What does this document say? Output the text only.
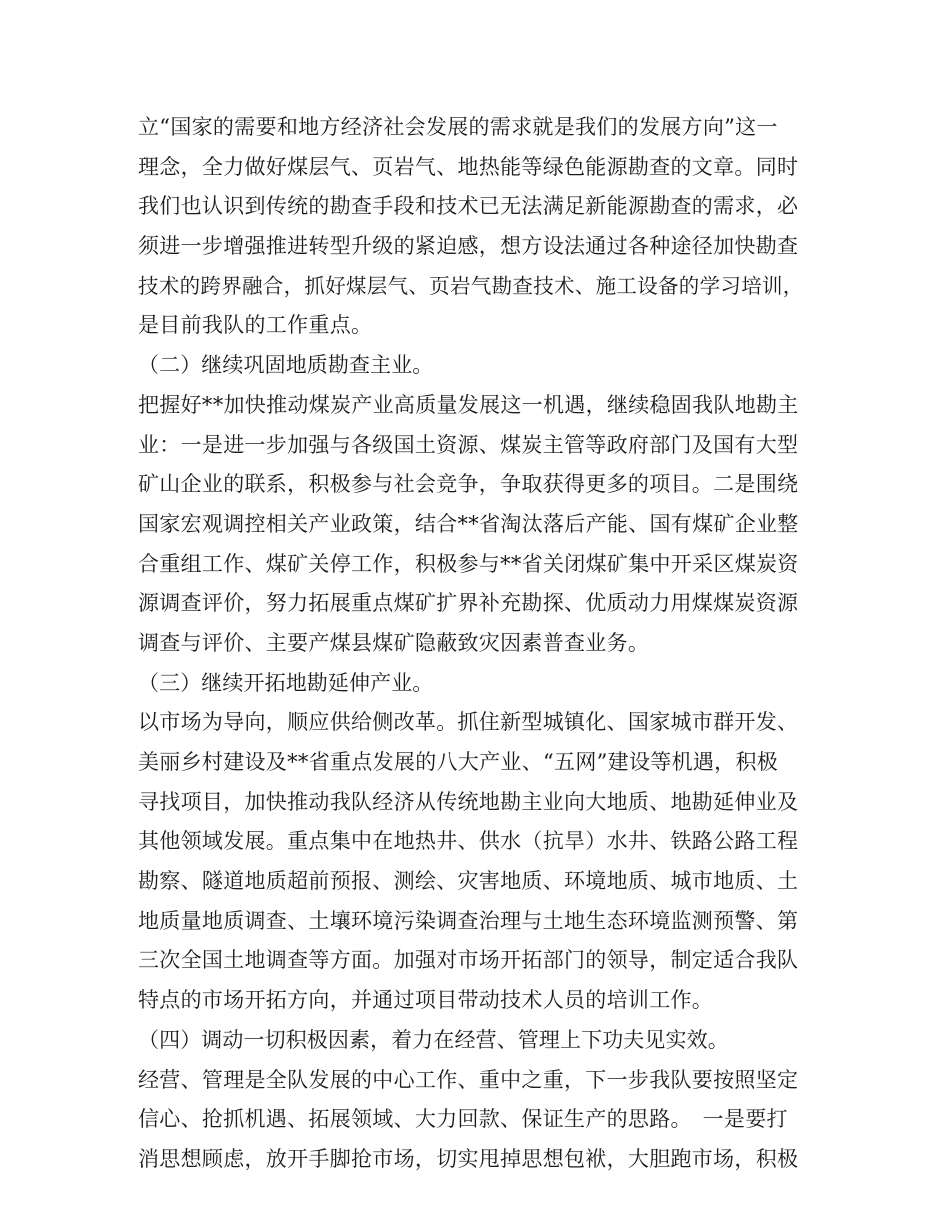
立“国家的需要和地方经济社会发展的需求就是我们的发展方向”这一
理念，全力做好煤层气、页岩气、地热能等绿色能源勘查的文章。同时
我们也认识到传统的勘查手段和技术已无法满足新能源勘查的需求，必
须进一步增强推进转型升级的紧迫感，想方设法通过各种途径加快勘查
技术的跨界融合，抓好煤层气、页岩气勘查技术、施工设备的学习培训，
是目前我队的工作重点。
（二）继续巩固地质勘查主业。
把握好**加快推动煤炭产业高质量发展这一机遇，继续稳固我队地勘主
业：一是进一步加强与各级国土资源、煤炭主管等政府部门及国有大型
矿山企业的联系，积极参与社会竞争，争取获得更多的项目。二是围绕
国家宏观调控相关产业政策，结合**省淘汰落后产能、国有煤矿企业整
合重组工作、煤矿关停工作，积极参与**省关闭煤矿集中开采区煤炭资
源调查评价，努力拓展重点煤矿扩界补充勘探、优质动力用煤煤炭资源
调查与评价、主要产煤县煤矿隐蔽致灾因素普查业务。
（三）继续开拓地勘延伸产业。
以市场为导向，顺应供给侧改革。抓住新型城镇化、国家城市群开发、
美丽乡村建设及**省重点发展的八大产业、“五网”建设等机遇，积极
寻找项目，加快推动我队经济从传统地勘主业向大地质、地勘延伸业及
其他领域发展。重点集中在地热井、供水（抗旱）水井、铁路公路工程
勘察、隧道地质超前预报、测绘、灾害地质、环境地质、城市地质、土
地质量地质调查、土壤环境污染调查治理与土地生态环境监测预警、第
三次全国土地调查等方面。加强对市场开拓部门的领导，制定适合我队
特点的市场开拓方向，并通过项目带动技术人员的培训工作。
（四）调动一切积极因素，着力在经营、管理上下功夫见实效。
经营、管理是全队发展的中心工作、重中之重，下一步我队要按照坚定
信心、抢抓机遇、拓展领域、大力回款、保证生产的思路。　一是要打
消思想顾虑，放开手脚抢市场，切实甩掉思想包袱，大胆跑市场，积极
